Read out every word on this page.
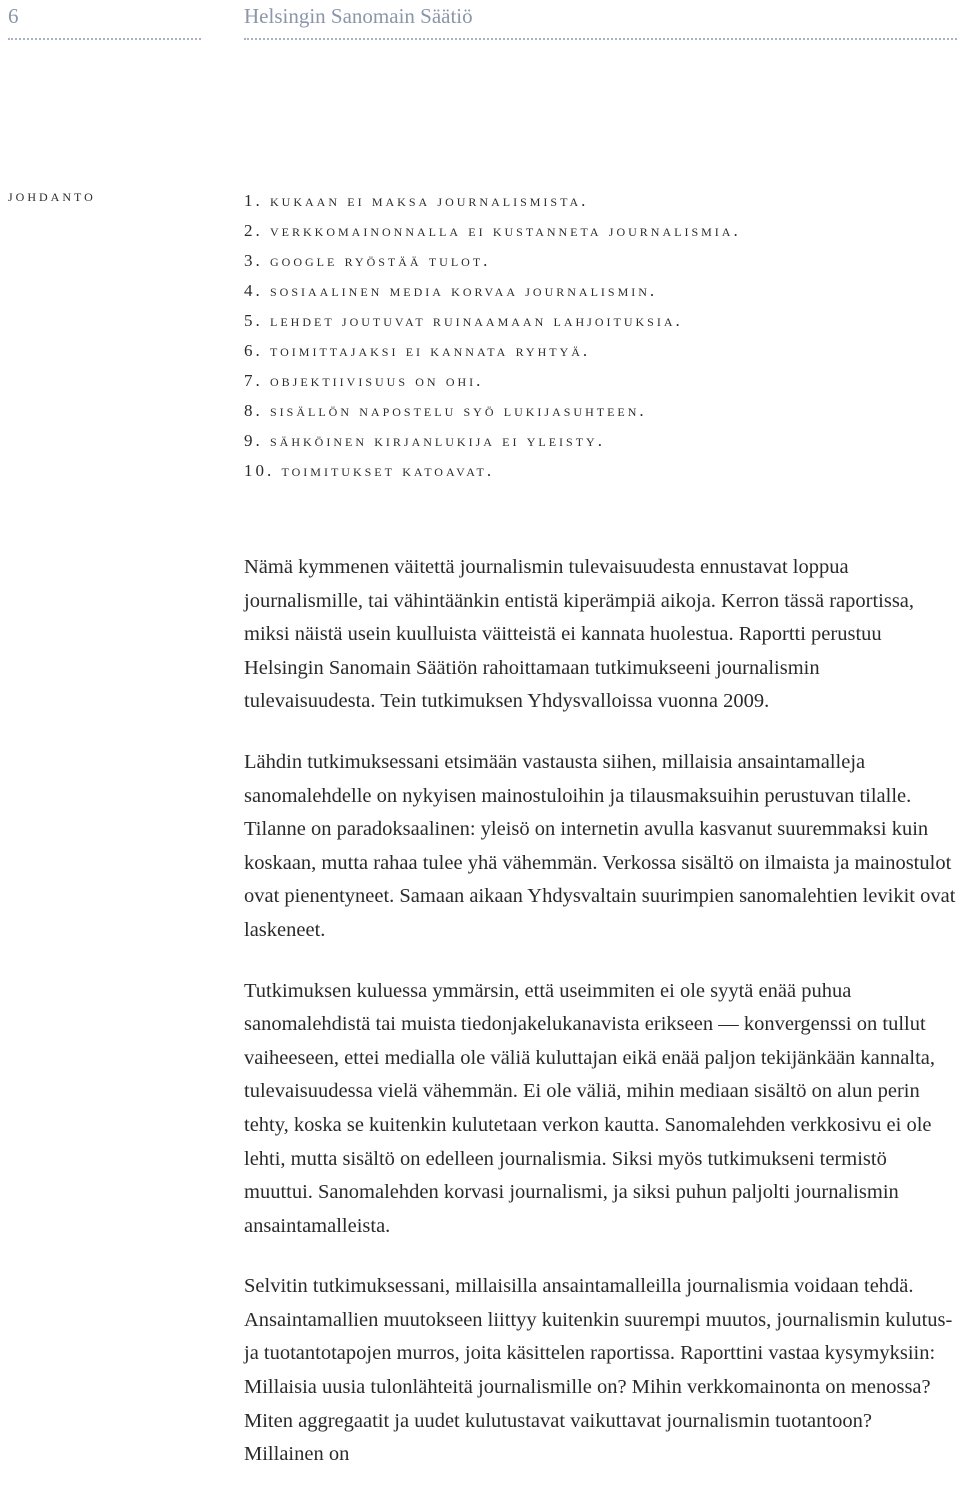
6	Helsingin Sanomain Säätiö
johdanto	1. kukaan ei maksa journalismista.
2. verkkomainonnalla ei kustanneta journalismia.
3. google ryöstää tulot.
4. sosiaalinen media korvaa journalismin.
5. lehdet joutuvat ruinaamaan lahjoituksia.
6. toimittajaksi ei kannata ryhtyä.
7. objektiivisuus on ohi.
8. sisällön napostelu syö lukijasuhteen.
9. sähköinen kirjanlukija ei yleisty.
10. toimitukset katoavat.

Nämä kymmenen väitettä journalismin tulevaisuudesta ennustavat loppua journalismille, tai vähintäänkin entistä kiperämpiä aikoja. Kerron tässä raportissa, miksi näistä usein kuulluista väitteistä ei kannata huolestua. Raportti perustuu Helsingin Sanomain Säätiön rahoittamaan tutkimukseeni journalismin tulevaisuudesta. Tein tutkimuksen Yhdysvalloissa vuonna 2009.

Lähdin tutkimuksessani etsimään vastausta siihen, millaisia ansaintamalleja sanomalehdelle on nykyisen mainostuloihin ja tilausmaksuihin perustuvan tilalle. Tilanne on paradoksaalinen: yleisö on internetin avulla kasvanut suuremmaksi kuin koskaan, mutta rahaa tulee yhä vähemmän. Verkossa sisältö on ilmaista ja mainostulot ovat pienentyneet. Samaan aikaan Yhdysvaltain suurimpien sanomalehtien levikit ovat laskeneet.

Tutkimuksen kuluessa ymmärsin, että useimmiten ei ole syytä enää puhua sanomalehdistä tai muista tiedonjakelukanavista erikseen — konvergenssi on tullut vaiheeseen, ettei medialla ole väliä kuluttajan eikä enää paljon tekijänkään kannalta, tulevaisuudessa vielä vähemmän. Ei ole väliä, mihin mediaan sisältö on alun perin tehty, koska se kuitenkin kulutetaan verkon kautta. Sanomalehden verkkosivu ei ole lehti, mutta sisältö on edelleen journalismia. Siksi myös tutkimukseni termistö muuttui. Sanomalehden korvasi journalismi, ja siksi puhun paljolti journalismin ansaintamalleista.

Selvitin tutkimuksessani, millaisilla ansaintamalleilla journalismia voidaan tehdä. Ansaintamallien muutokseen liittyy kuitenkin suurempi muutos, journalismin kulutus- ja tuotantotapojen murros, joita käsittelen raportissa. Raporttini vastaa kysymyksiin: Millaisia uusia tulonlähteitä journalismille on? Mihin verkkomainonta on menossa? Miten aggregaatit ja uudet kulutustavat vaikuttavat journalismin tuotantoon? Millainen on
